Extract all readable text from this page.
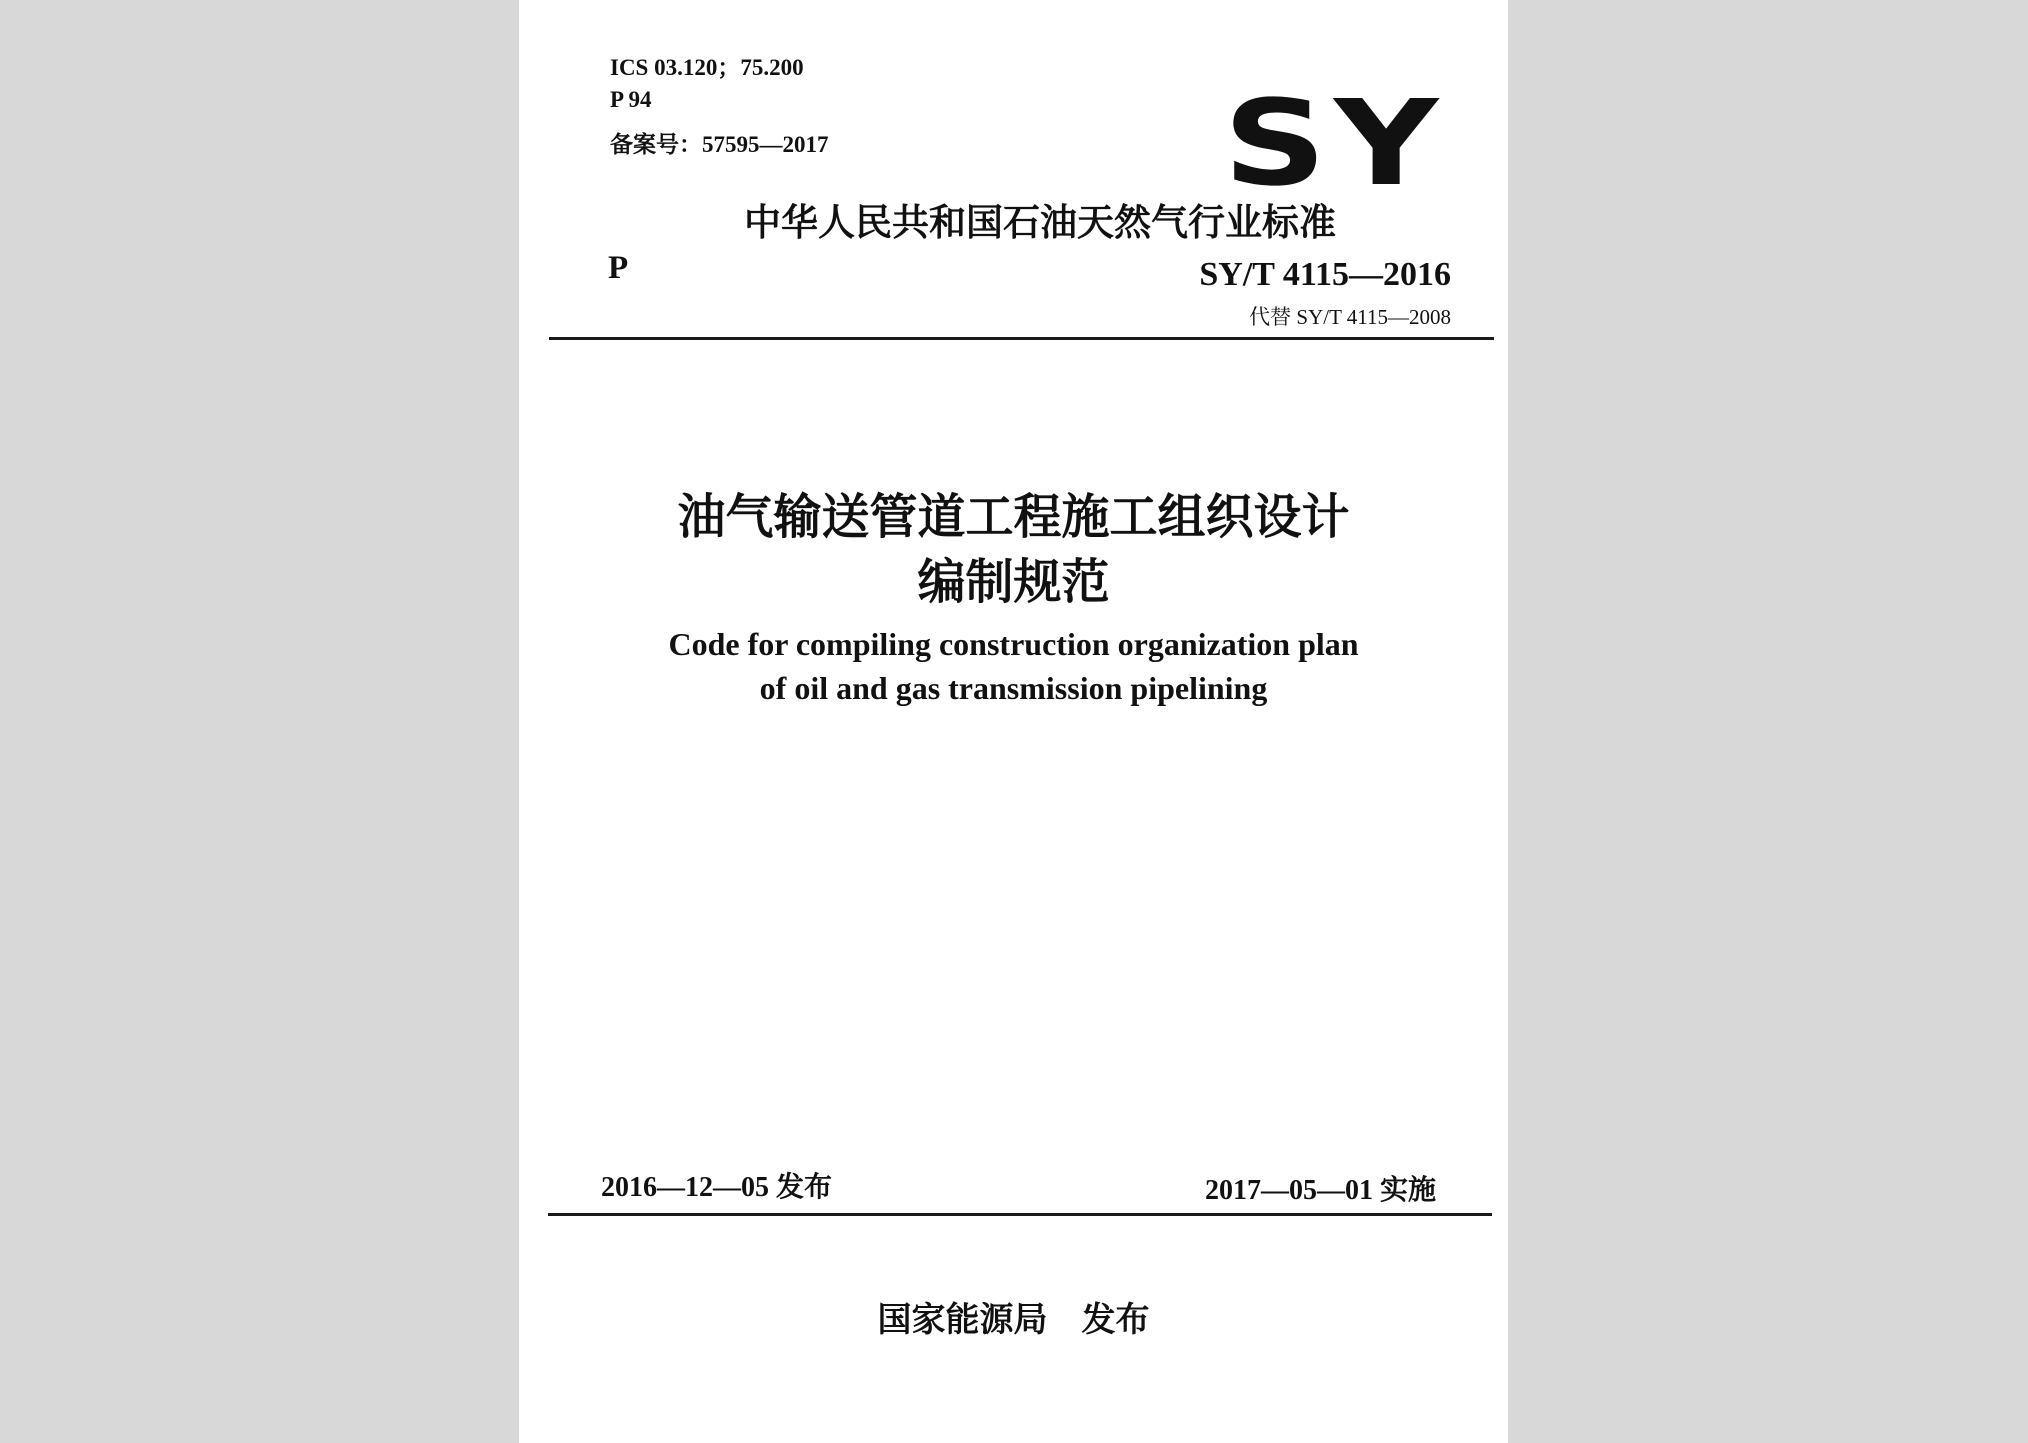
ICS 03.120；75.200
P 94
备案号：57595—2017	SY
中华人民共和国石油天然气行业标准
P	SY/T 4115—2016
代替 SY/T 4115—2008
油气输送管道工程施工组织设计
编制规范
Code for compiling construction organization plan
of oil and gas transmission pipelining
2016—12—05 发布	2017—05—01 实施
国家能源局　发布
